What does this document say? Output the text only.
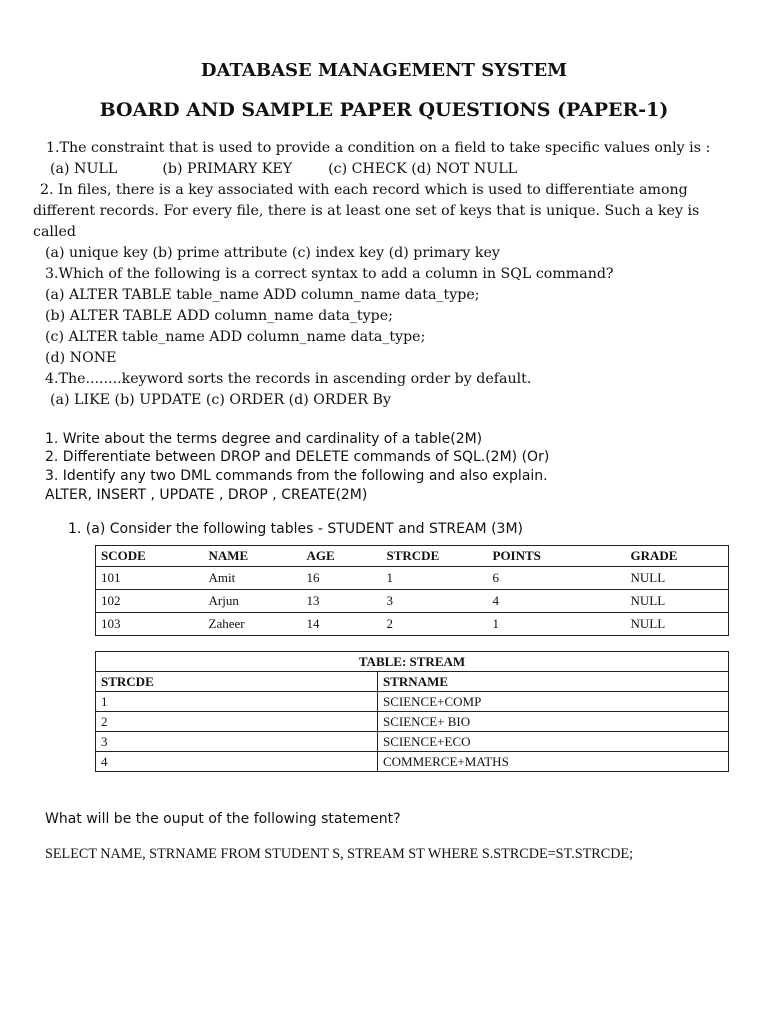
DATABASE MANAGEMENT SYSTEM
BOARD AND SAMPLE PAPER QUESTIONS (PAPER-1)
1.The constraint that is used to provide a condition on a field to take specific values only is :
(a) NULL          (b) PRIMARY KEY        (c) CHECK (d) NOT NULL
2. In files, there is a key associated with each record which is used to differentiate among
different records. For every file, there is at least one set of keys that is unique. Such a key is
called
(a) unique key (b) prime attribute (c) index key (d) primary key
3.Which of the following is a correct syntax to add a column in SQL command?
(a) ALTER TABLE table_name ADD column_name data_type;
(b) ALTER TABLE ADD column_name data_type;
(c) ALTER table_name ADD column_name data_type;
(d) NONE
4.The........keyword sorts the records in ascending order by default.
(a) LIKE (b) UPDATE (c) ORDER (d) ORDER By
1. Write about the terms degree and cardinality of a table(2M)
2. Differentiate between DROP and DELETE commands of SQL.(2M) (Or)
3. Identify any two DML commands from the following and also explain.
ALTER, INSERT , UPDATE , DROP , CREATE(2M)
1. (a) Consider the following tables - STUDENT and STREAM (3M)
SCODE	NAME	AGE	STRCDE	POINTS	GRADE
101	Amit	16	1	6	NULL
102	Arjun	13	3	4	NULL
103	Zaheer	14	2	1	NULL
TABLE: STREAM	
STRCDE	STRNAME
1	SCIENCE+COMP
2	SCIENCE+ BIO
3	SCIENCE+ECO
4	COMMERCE+MATHS
What will be the ouput of the following statement?
SELECT NAME, STRNAME FROM STUDENT S, STREAM ST WHERE S.STRCDE=ST.STRCDE;
